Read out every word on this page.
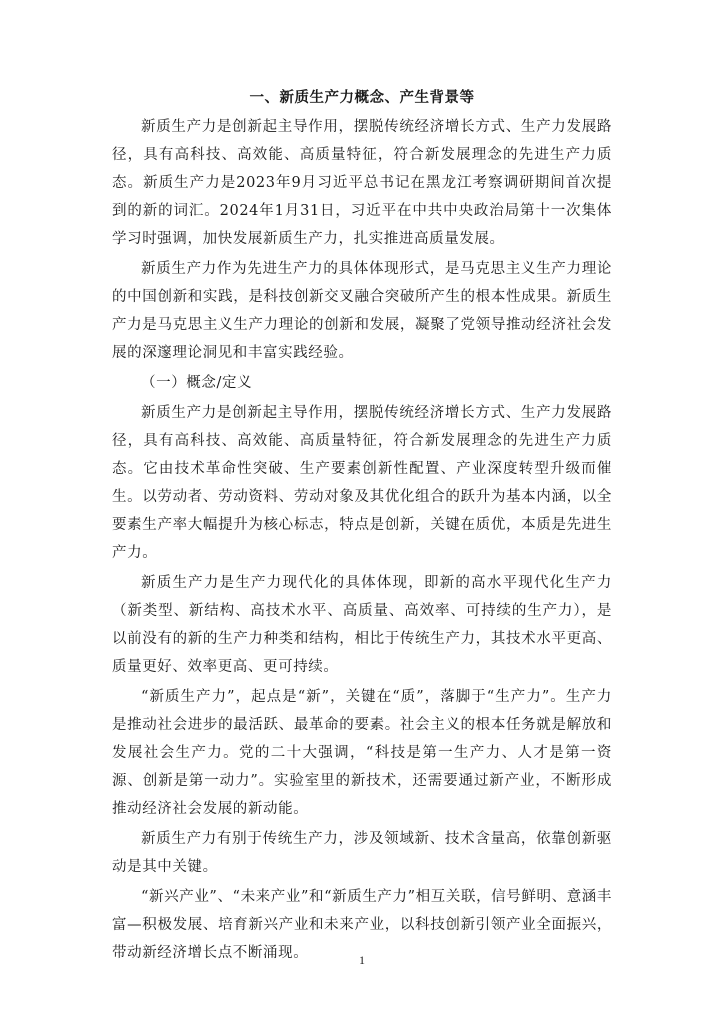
一、新质生产力概念、产生背景等

新质生产力是创新起主导作用，摆脱传统经济增长方式、生产力发展路径，具有高科技、高效能、高质量特征，符合新发展理念的先进生产力质态。新质生产力是2023年9月习近平总书记在黑龙江考察调研期间首次提到的新的词汇。2024年1月31日，习近平在中共中央政治局第十一次集体学习时强调，加快发展新质生产力，扎实推进高质量发展。

新质生产力作为先进生产力的具体体现形式，是马克思主义生产力理论的中国创新和实践，是科技创新交叉融合突破所产生的根本性成果。新质生产力是马克思主义生产力理论的创新和发展，凝聚了党领导推动经济社会发展的深邃理论洞见和丰富实践经验。

（一）概念/定义

新质生产力是创新起主导作用，摆脱传统经济增长方式、生产力发展路径，具有高科技、高效能、高质量特征，符合新发展理念的先进生产力质态。它由技术革命性突破、生产要素创新性配置、产业深度转型升级而催生。以劳动者、劳动资料、劳动对象及其优化组合的跃升为基本内涵，以全要素生产率大幅提升为核心标志，特点是创新，关键在质优，本质是先进生产力。

新质生产力是生产力现代化的具体体现，即新的高水平现代化生产力（新类型、新结构、高技术水平、高质量、高效率、可持续的生产力），是以前没有的新的生产力种类和结构，相比于传统生产力，其技术水平更高、质量更好、效率更高、更可持续。

“新质生产力”，起点是“新”，关键在“质”，落脚于“生产力”。生产力是推动社会进步的最活跃、最革命的要素。社会主义的根本任务就是解放和发展社会生产力。党的二十大强调，“科技是第一生产力、人才是第一资源、创新是第一动力”。实验室里的新技术，还需要通过新产业，不断形成推动经济社会发展的新动能。

新质生产力有别于传统生产力，涉及领域新、技术含量高，依靠创新驱动是其中关键。

“新兴产业”、“未来产业”和“新质生产力”相互关联，信号鲜明、意涵丰富—积极发展、培育新兴产业和未来产业，以科技创新引领产业全面振兴，带动新经济增长点不断涌现。	1
